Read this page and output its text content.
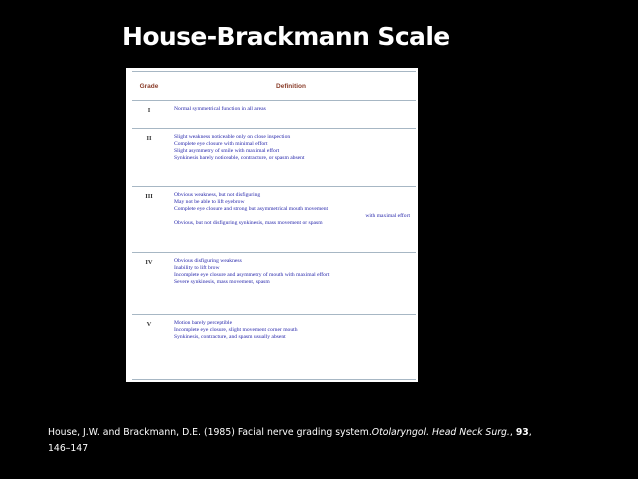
House-Brackmann Scale
Grade	Definition
I	Normal symmetrical function in all areas

II	Slight weakness noticeable only on close inspection
Complete eye closure with minimal effort
Slight asymmetry of smile with maximal effort
Synkinesis barely noticeable, contracture, or spasm absent

III	Obvious weakness, but not disfiguring
May not be able to lift eyebrow
Complete eye closure and strong but asymmetrical mouth movement
with maximal effort
Obvious, but not disfiguring synkinesis, mass movement or spasm

IV	Obvious disfiguring weakness
Inability to lift brow
Incomplete eye closure and asymmetry of mouth with maximal effort
Severe synkinesis, mass movement, spasm

V	Motion barely perceptible
Incomplete eye closure, slight movement corner mouth
Synkinesis, contracture, and spasm usually absent
House, J.W. and Brackmann, D.E. (1985) Facial nerve grading system.Otolaryngol. Head Neck Surg., 93,
146–147
